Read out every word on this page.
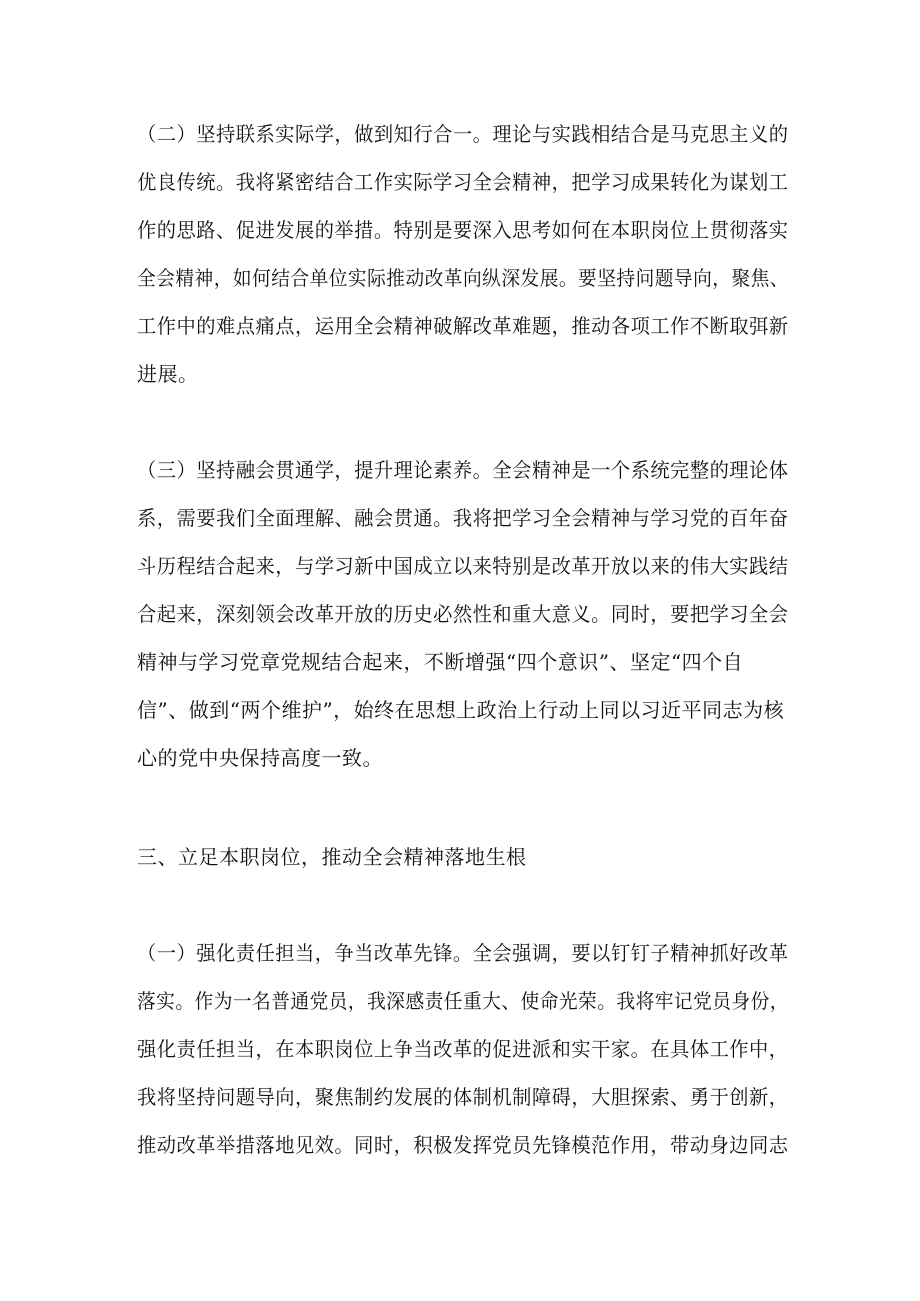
（二）坚持联系实际学，做到知行合一。理论与实践相结合是马克思主义的
优良传统。我将紧密结合工作实际学习全会精神，把学习成果转化为谋划工
作的思路、促进发展的举措。特别是要深入思考如何在本职岗位上贯彻落实
全会精神，如何结合单位实际推动改革向纵深发展。要坚持问题导向，聚焦、
工作中的难点痛点，运用全会精神破解改革难题，推动各项工作不断取弭新
进展。
（三）坚持融会贯通学，提升理论素养。全会精神是一个系统完整的理论体
系，需要我们全面理解、融会贯通。我将把学习全会精神与学习党的百年奋
斗历程结合起来，与学习新中国成立以来特别是改革开放以来的伟大实践结
合起来，深刻领会改革开放的历史必然性和重大意义。同时，要把学习全会
精神与学习党章党规结合起来，不断增强“四个意识”、坚定“四个自
信”、做到“两个维护”，始终在思想上政治上行动上同以习近平同志为核
心的党中央保持高度一致。
三、立足本职岗位，推动全会精神落地生根
（一）强化责任担当，争当改革先锋。全会强调，要以钉钉子精神抓好改革
落实。作为一名普通党员，我深感责任重大、使命光荣。我将牢记党员身份，
强化责任担当，在本职岗位上争当改革的促进派和实干家。在具体工作中，
我将坚持问题导向，聚焦制约发展的体制机制障碍，大胆探索、勇于创新，
推动改革举措落地见效。同时，积极发挥党员先锋模范作用，带动身边同志
